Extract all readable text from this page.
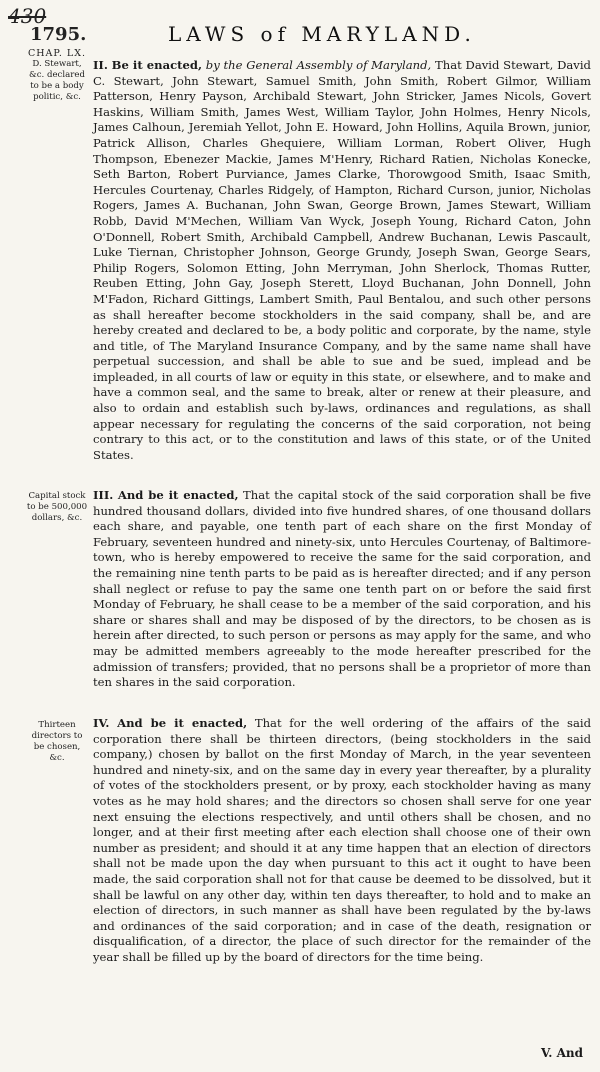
430
1795.	LAWS of MARYLAND.
CHAP. LX.
D. Stewart, &c. declared to be a body politic, &c.
II. Be it enacted, by the General Assembly of Maryland, That David Stewart, David C. Stewart, John Stewart, Samuel Smith, John Smith, Robert Gilmor, William Patterson, Henry Payson, Archibald Stewart, John Stricker, James Nicols, Govert Haskins, William Smith, James West, William Taylor, John Holmes, Henry Nicols, James Calhoun, Jeremiah Yellot, John E. Howard, John Hollins, Aquila Brown, junior, Patrick Allison, Charles Ghequiere, William Lorman, Robert Oliver, Hugh Thompson, Ebenezer Mackie, James M'Henry, Richard Ratien, Nicholas Konecke, Seth Barton, Robert Purviance, James Clarke, Thorowgood Smith, Isaac Smith, Hercules Courtenay, Charles Ridgely, of Hampton, Richard Curson, junior, Nicholas Rogers, James A. Buchanan, John Swan, George Brown, James Stewart, William Robb, David M'Mechen, William Van Wyck, Joseph Young, Richard Caton, John O'Donnell, Robert Smith, Archibald Campbell, Andrew Buchanan, Lewis Pascault, Luke Tiernan, Christopher Johnson, George Grundy, Joseph Swan, George Sears, Philip Rogers, Solomon Etting, John Merryman, John Sherlock, Thomas Rutter, Reuben Etting, John Gay, Joseph Sterett, Lloyd Buchanan, John Donnell, John M'Fadon, Richard Gittings, Lambert Smith, Paul Bentalou, and such other persons as shall hereafter become stockholders in the said company, shall be, and are hereby created and declared to be, a body politic and corporate, by the name, style and title, of The Maryland Insurance Company, and by the same name shall have perpetual succession, and shall be able to sue and be sued, implead and be impleaded, in all courts of law or equity in this state, or elsewhere, and to make and have a common seal, and the same to break, alter or renew at their pleasure, and also to ordain and establish such by-laws, ordinances and regulations, as shall appear necessary for regulating the concerns of the said corporation, not being contrary to this act, or to the constitution and laws of this state, or of the United States.
Capital stock to be 500,000 dollars, &c.
III. And be it enacted, That the capital stock of the said corporation shall be five hundred thousand dollars, divided into five hundred shares, of one thousand dollars each share, and payable, one tenth part of each share on the first Monday of February, seventeen hundred and ninety-six, unto Hercules Courtenay, of Baltimore-town, who is hereby empowered to receive the same for the said corporation, and the remaining nine tenth parts to be paid as is hereafter directed; and if any person shall neglect or refuse to pay the same one tenth part on or before the said first Monday of February, he shall cease to be a member of the said corporation, and his share or shares shall and may be disposed of by the directors, to be chosen as is herein after directed, to such person or persons as may apply for the same, and who may be admitted members agreeably to the mode hereafter prescribed for the admission of transfers; provided, that no persons shall be a proprietor of more than ten shares in the said corporation.
Thirteen directors to be chosen, &c.
IV. And be it enacted, That for the well ordering of the affairs of the said corporation there shall be thirteen directors, (being stockholders in the said company,) chosen by ballot on the first Monday of March, in the year seventeen hundred and ninety-six, and on the same day in every year thereafter, by a plurality of votes of the stockholders present, or by proxy, each stockholder having as many votes as he may hold shares; and the directors so chosen shall serve for one year next ensuing the elections respectively, and until others shall be chosen, and no longer, and at their first meeting after each election shall choose one of their own number as president; and should it at any time happen that an election of directors shall not be made upon the day when pursuant to this act it ought to have been made, the said corporation shall not for that cause be deemed to be dissolved, but it shall be lawful on any other day, within ten days thereafter, to hold and to make an election of directors, in such manner as shall have been regulated by the by-laws and ordinances of the said corporation; and in case of the death, resignation or disqualification, of a director, the place of such director for the remainder of the year shall be filled up by the board of directors for the time being.
V. And
